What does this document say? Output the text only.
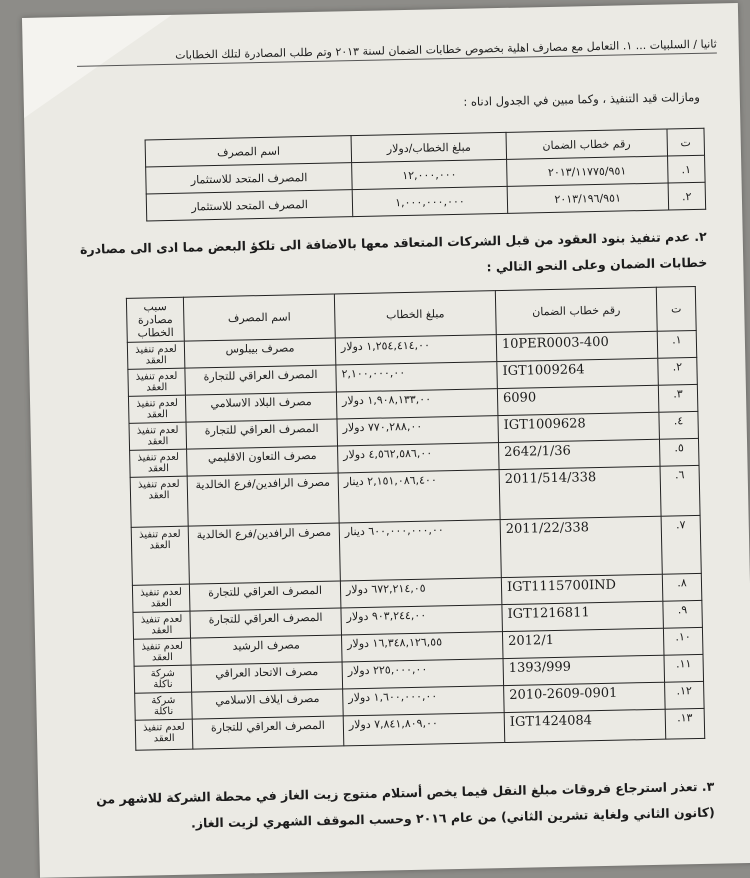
ثانيا / السلبيات ... ١. التعامل مع مصارف اهلية بخصوص خطابات الضمان لسنة ٢٠١٣ وتم طلب المصادرة لتلك الخطابات
ومازالت قيد التنفيذ ، وكما مبين في الجدول ادناه :
ت	رقم خطاب الضمان	مبلغ الخطاب/دولار	اسم المصرف
١.	٢٠١٣/١١٧٧٥/٩٥١	١٢,٠٠٠,٠٠٠	المصرف المتحد للاستثمار
٢.	٢٠١٣/١٩٦/٩٥١	١,٠٠٠,٠٠٠,٠٠٠	المصرف المتحد للاستثمار
٢. عدم تنفيذ بنود العقود من قبل الشركات المتعاقد معها بالاضافة الى تلكؤ البعض مما ادى الى مصادرة خطابات الضمان وعلى النحو التالي :
ت	رقم خطاب الضمان	مبلغ الخطاب	اسم المصرف	سبب مصادرة الخطاب
١.	10PER0003-400	١,٢٥٤,٤١٤,٠٠ دولار	مصرف بيبلوس	لعدم تنفيذ العقد
٢.	IGT1009264	٢,١٠٠,٠٠٠,٠٠	المصرف العراقي للتجارة	لعدم تنفيذ العقد
٣.	6090	١,٩٠٨,١٣٣,٠٠ دولار	مصرف البلاد الاسلامي	لعدم تنفيذ العقد
٤.	IGT1009628	٧٧٠,٢٨٨,٠٠ دولار	المصرف العراقي للتجارة	لعدم تنفيذ العقد
٥.	2642/1/36	٤,٥٦٢,٥٨٦,٠٠ دولار	مصرف التعاون الاقليمي	لعدم تنفيذ العقد
٦.	2011/514/338	٢,١٥١,٠٨٦,٤٠٠ دينار	مصرف الرافدين/فرع الخالدية	لعدم تنفيذ العقد
٧.	2011/22/338	٦٠٠,٠٠٠,٠٠٠,٠٠ دينار	مصرف الرافدين/فرع الخالدية	لعدم تنفيذ العقد
٨.	IGT1115700IND	٦٧٢,٢١٤,٠٥ دولار	المصرف العراقي للتجارة	لعدم تنفيذ العقد
٩.	IGT1216811	٩٠٣,٢٤٤,٠٠ دولار	المصرف العراقي للتجارة	لعدم تنفيذ العقد
١٠.	2012/1	١٦,٣٤٨,١٢٦,٥٥ دولار	مصرف الرشيد	لعدم تنفيذ العقد
١١.	1393/999	٢٢٥,٠٠٠,٠٠ دولار	مصرف الاتحاد العراقي	شركة ناكلة
١٢.	2010-2609-0901	١,٦٠٠,٠٠٠,٠٠ دولار	مصرف ايلاف الاسلامي	شركة ناكلة
١٣.	IGT1424084	٧,٨٤١,٨٠٩,٠٠ دولار	المصرف العراقي للتجارة	لعدم تنفيذ العقد
٣. تعذر استرجاع فروقات مبلغ النقل فيما يخص أستلام منتوج زيت الغاز في محطة الشركة للاشهر من (كانون الثاني ولغاية تشرين الثاني) من عام ٢٠١٦ وحسب الموقف الشهري لزيت الغاز.
